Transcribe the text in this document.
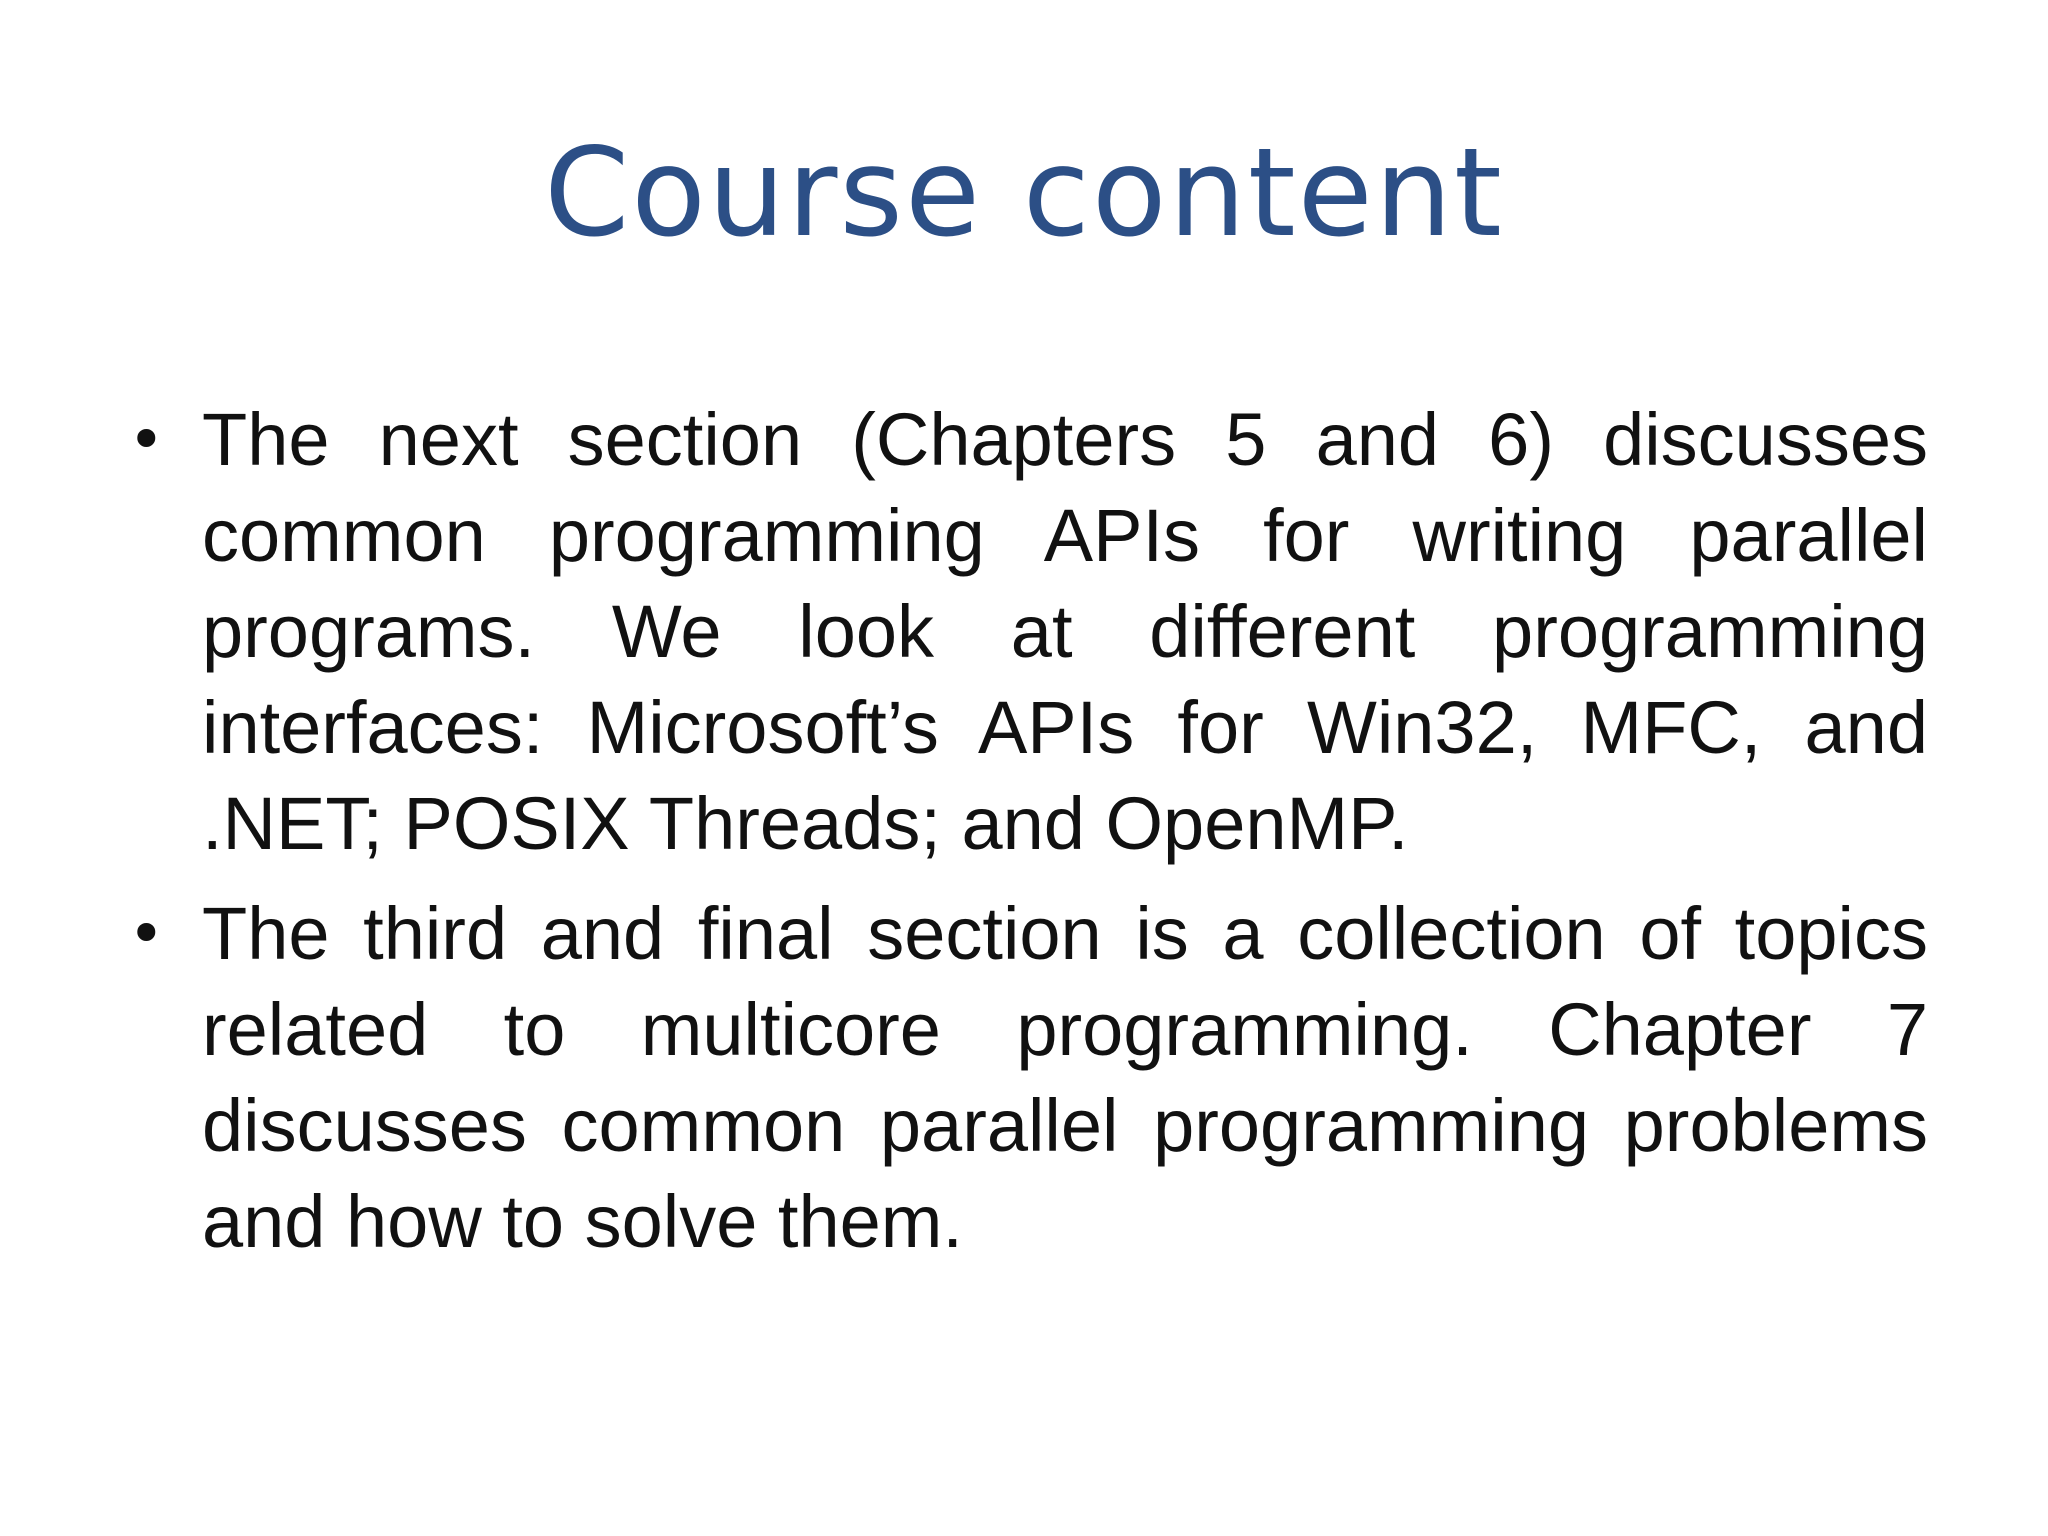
Course content
• The next section (Chapters 5 and 6) discusses common programming APIs for writing parallel programs. We look at different programming interfaces: Microsoft’s APIs for Win32, MFC, and .NET; POSIX Threads; and OpenMP.
• The third and final section is a collection of topics related to multicore programming. Chapter 7 discusses common parallel programming problems and how to solve them.
